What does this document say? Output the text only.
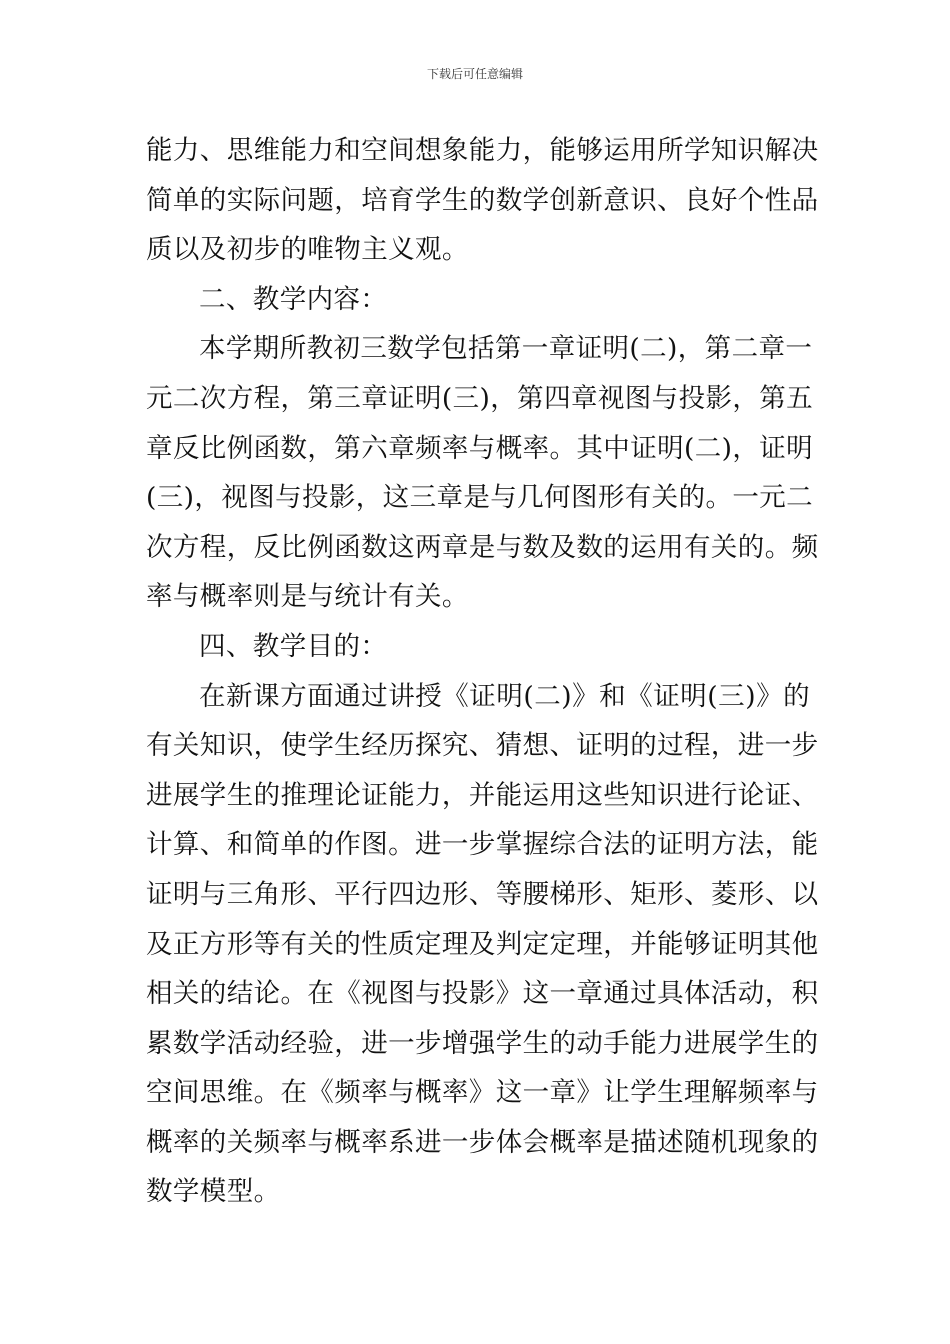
下载后可任意编辑
能力、思维能力和空间想象能力，能够运用所学知识解决
简单的实际问题，培育学生的数学创新意识、良好个性品
质以及初步的唯物主义观。
二、教学内容：
本学期所教初三数学包括第一章证明(二)，第二章一
元二次方程，第三章证明(三)，第四章视图与投影，第五
章反比例函数，第六章频率与概率。其中证明(二)，证明
(三)，视图与投影，这三章是与几何图形有关的。一元二
次方程，反比例函数这两章是与数及数的运用有关的。频
率与概率则是与统计有关。
四、教学目的：
在新课方面通过讲授《证明(二)》和《证明(三)》的
有关知识，使学生经历探究、猜想、证明的过程，进一步
进展学生的推理论证能力，并能运用这些知识进行论证、
计算、和简单的作图。进一步掌握综合法的证明方法，能
证明与三角形、平行四边形、等腰梯形、矩形、菱形、以
及正方形等有关的性质定理及判定定理，并能够证明其他
相关的结论。在《视图与投影》这一章通过具体活动，积
累数学活动经验，进一步增强学生的动手能力进展学生的
空间思维。在《频率与概率》这一章》让学生理解频率与
概率的关频率与概率系进一步体会概率是描述随机现象的
数学模型。
